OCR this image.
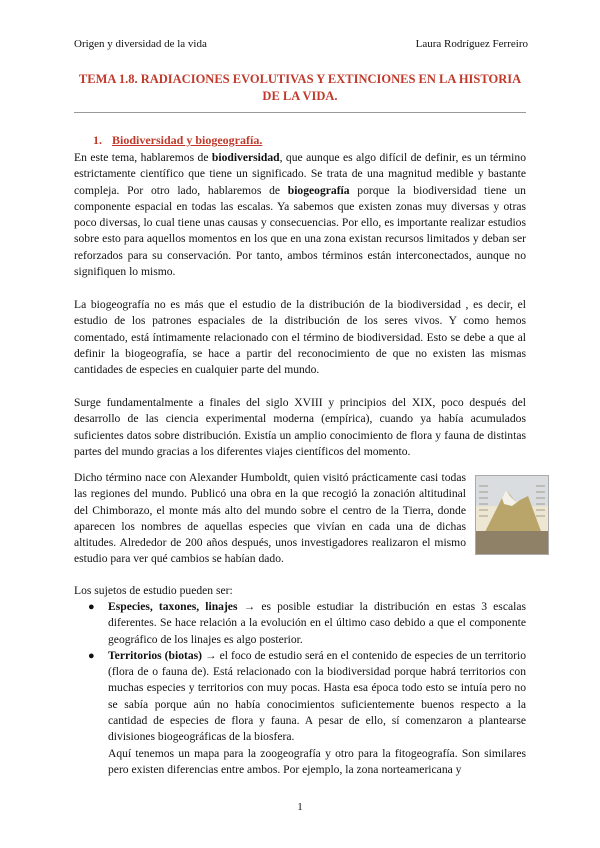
Origen y diversidad de la vida	Laura Rodríguez Ferreiro
TEMA 1.8. RADIACIONES EVOLUTIVAS Y EXTINCIONES EN LA HISTORIA DE LA VIDA.
1. Biodiversidad y biogeografía.

En este tema, hablaremos de biodiversidad, que aunque es algo difícil de definir, es un término estrictamente científico que tiene un significado. Se trata de una magnitud medible y bastante compleja. Por otro lado, hablaremos de biogeografía porque la biodiversidad tiene un componente espacial en todas las escalas. Ya sabemos que existen zonas muy diversas y otras poco diversas, lo cual tiene unas causas y consecuencias. Por ello, es importante realizar estudios sobre esto para aquellos momentos en los que en una zona existan recursos limitados y deban ser reforzados para su conservación. Por tanto, ambos términos están interconectados, aunque no signifiquen lo mismo.

La biogeografía no es más que el estudio de la distribución de la biodiversidad , es decir, el estudio de los patrones espaciales de la distribución de los seres vivos. Y como hemos comentado, está íntimamente relacionado con el término de biodiversidad. Esto se debe a que al definir la biogeografía, se hace a partir del reconocimiento de que no existen las mismas cantidades de especies en cualquier parte del mundo.

Surge fundamentalmente a finales del siglo XVIII y principios del XIX, poco después del desarrollo de las ciencia experimental moderna (empírica), cuando ya había acumulados suficientes datos sobre distribución. Existía un amplio conocimiento de flora y fauna de distintas partes del mundo gracias a los diferentes viajes científicos del momento.

Dicho término nace con Alexander Humboldt, quien visitó prácticamente casi todas las regiones del mundo. Publicó una obra en la que recogió la zonación altitudinal del Chimborazo, el monte más alto del mundo sobre el centro de la Tierra, donde aparecen los nombres de aquellas especies que vivían en cada una de dichas altitudes. Alrededor de 200 años después, unos investigadores realizaron el mismo estudio para ver qué cambios se habían dado.

Los sujetos de estudio pueden ser:

● Especies, taxones, linajes → es posible estudiar la distribución en estas 3 escalas diferentes. Se hace relación a la evolución en el último caso debido a que el componente geográfico de los linajes es algo posterior.
● Territorios (biotas) → el foco de estudio será en el contenido de especies de un territorio (flora de o fauna de). Está relacionado con la biodiversidad porque habrá territorios con muchas especies y territorios con muy pocas. Hasta esa época todo esto se intuía pero no se sabía porque aún no había conocimientos suficientemente buenos respecto a la cantidad de especies de flora y fauna. A pesar de ello, sí comenzaron a plantearse divisiones biogeográficas de la biosfera.
Aquí tenemos un mapa para la zoogeografía y otro para la fitogeografía. Son similares pero existen diferencias entre ambos. Por ejemplo, la zona norteamericana y
1
